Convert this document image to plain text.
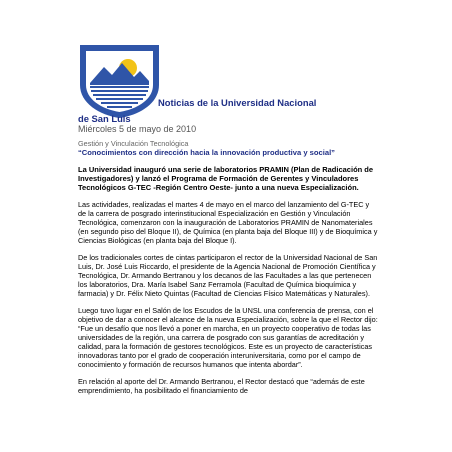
Noticias de la Universidad Nacional
de San Luis
Miércoles 5 de mayo de 2010
Gestión y Vinculación Tecnológica
“Conocimientos con dirección hacia la innovación productiva y social”
La Universidad inauguró una serie de laboratorios PRAMIN (Plan de Radicación de Investigadores) y lanzó el Programa de Formación de Gerentes y Vinculadores Tecnológicos G-TEC -Región Centro Oeste- junto a una nueva Especialización.
Las actividades, realizadas el martes 4 de mayo en el marco del lanzamiento del G-TEC y de la carrera de posgrado interinstitucional Especialización en Gestión y Vinculación Tecnológica, comenzaron con la inauguración de Laboratorios PRAMIN de Nanomateriales (en segundo piso del Bloque II), de Química (en planta baja del Bloque III) y de Bioquímica y Ciencias Biológicas (en planta baja del Bloque I).
De los tradicionales cortes de cintas participaron el rector de la Universidad Nacional de San Luis, Dr. José Luis Riccardo, el presidente de la Agencia Nacional de Promoción Científica y Tecnológica, Dr. Armando Bertranou y los decanos de las Facultades a las que pertenecen los laboratorios, Dra. María Isabel Sanz Ferramola (Facultad de Química bioquímica y farmacia) y Dr. Félix Nieto Quintas (Facultad de Ciencias Físico Matemáticas y Naturales).
Luego tuvo lugar en el Salón de los Escudos de la UNSL una conferencia de prensa, con el objetivo de dar a conocer el alcance de la nueva Especialización, sobre la que el Rector dijo: “Fue un desafío que nos llevó a poner en marcha, en un proyecto cooperativo de todas las universidades de la región, una carrera de posgrado con sus garantías de acreditación y calidad, para la formación de gestores tecnológicos. Este es un proyecto de características innovadoras tanto por el grado de cooperación interuniversitaria, como por el campo de conocimiento y formación de recursos humanos que intenta abordar”.
En relación al aporte del Dr. Armando Bertranou, el Rector destacó que “además de este emprendimiento, ha posibilitado el financiamiento de
